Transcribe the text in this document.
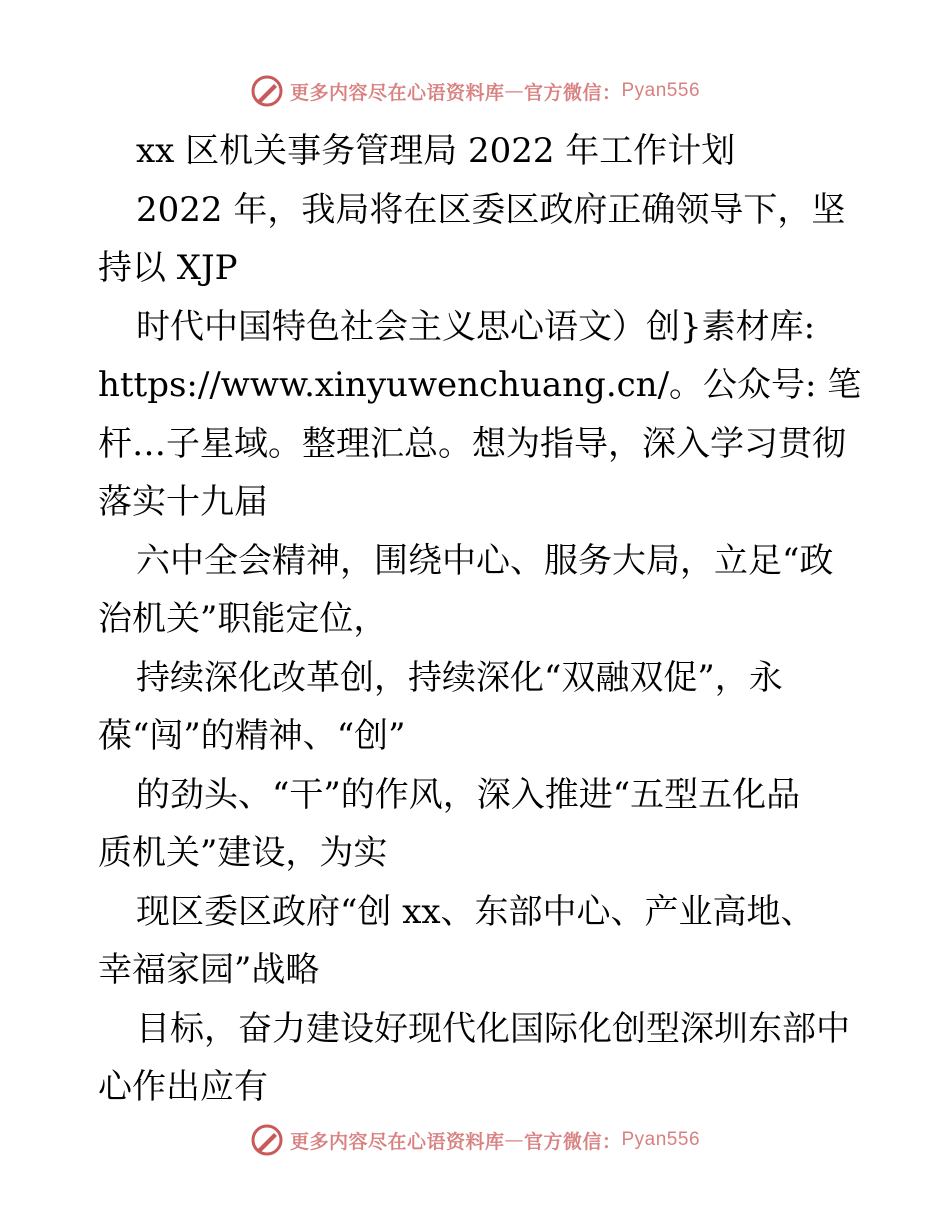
更多内容尽在心语资料库 — 官方微信： Pyan556

xx 区机关事务管理局 2022 年工作计划

2022 年，我局将在区委区政府正确领导下，坚

持以 XJP

时代中国特色社会主义思心语文）创}素材库:

https://www.xinyuwenchuang.cn/。公众号: 笔

杆…子星域。整理汇总。想为指导，深入学习贯彻

落实十九届

六中全会精神，围绕中心、服务大局，立足“政

治机关”职能定位，

持续深化改革创，持续深化“双融双促”，永

葆“闯”的精神、“创”

的劲头、“干”的作风，深入推进“五型五化品

质机关”建设，为实

现区委区政府“创 xx、东部中心、产业高地、

幸福家园”战略

目标，奋力建设好现代化国际化创型深圳东部中

心作出应有

更多内容尽在心语资料库 — 官方微信： Pyan556
